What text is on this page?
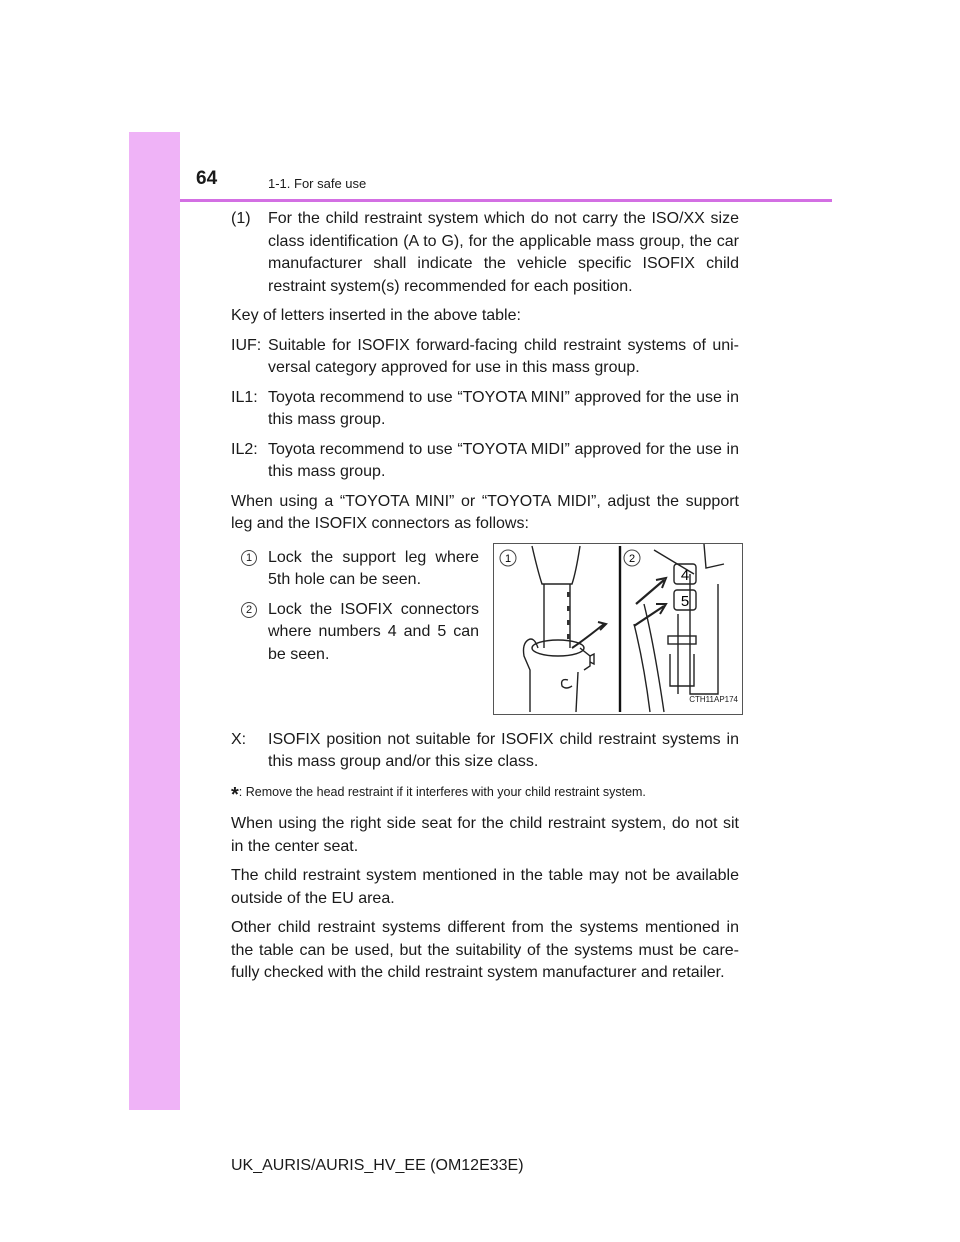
64	1-1. For safe use

(1) For the child restraint system which do not carry the ISO/XX size class identification (A to G), for the applicable mass group, the car manufacturer shall indicate the vehicle specific ISOFIX child restraint system(s) recommended for each position.

Key of letters inserted in the above table:

IUF: Suitable for ISOFIX forward-facing child restraint systems of uni- versal category approved for use in this mass group.

IL1: Toyota recommend to use “TOYOTA MINI” approved for the use in this mass group.

IL2: Toyota recommend to use “TOYOTA MIDI” approved for the use in this mass group.

When using a “TOYOTA MINI” or “TOYOTA MIDI”, adjust the support leg and the ISOFIX connectors as follows:

1 Lock the support leg where 5th hole can be seen.
2 Lock the ISOFIX connectors where numbers 4 and 5 can be seen.
1	2
4
5
CTH11AP174

X: ISOFIX position not suitable for ISOFIX child restraint systems in this mass group and/or this size class.

*: Remove the head restraint if it interferes with your child restraint system.

When using the right side seat for the child restraint system, do not sit in the center seat.

The child restraint system mentioned in the table may not be available outside of the EU area.

Other child restraint systems different from the systems mentioned in the table can be used, but the suitability of the systems must be care- fully checked with the child restraint system manufacturer and retailer.

UK_AURIS/AURIS_HV_EE (OM12E33E)
